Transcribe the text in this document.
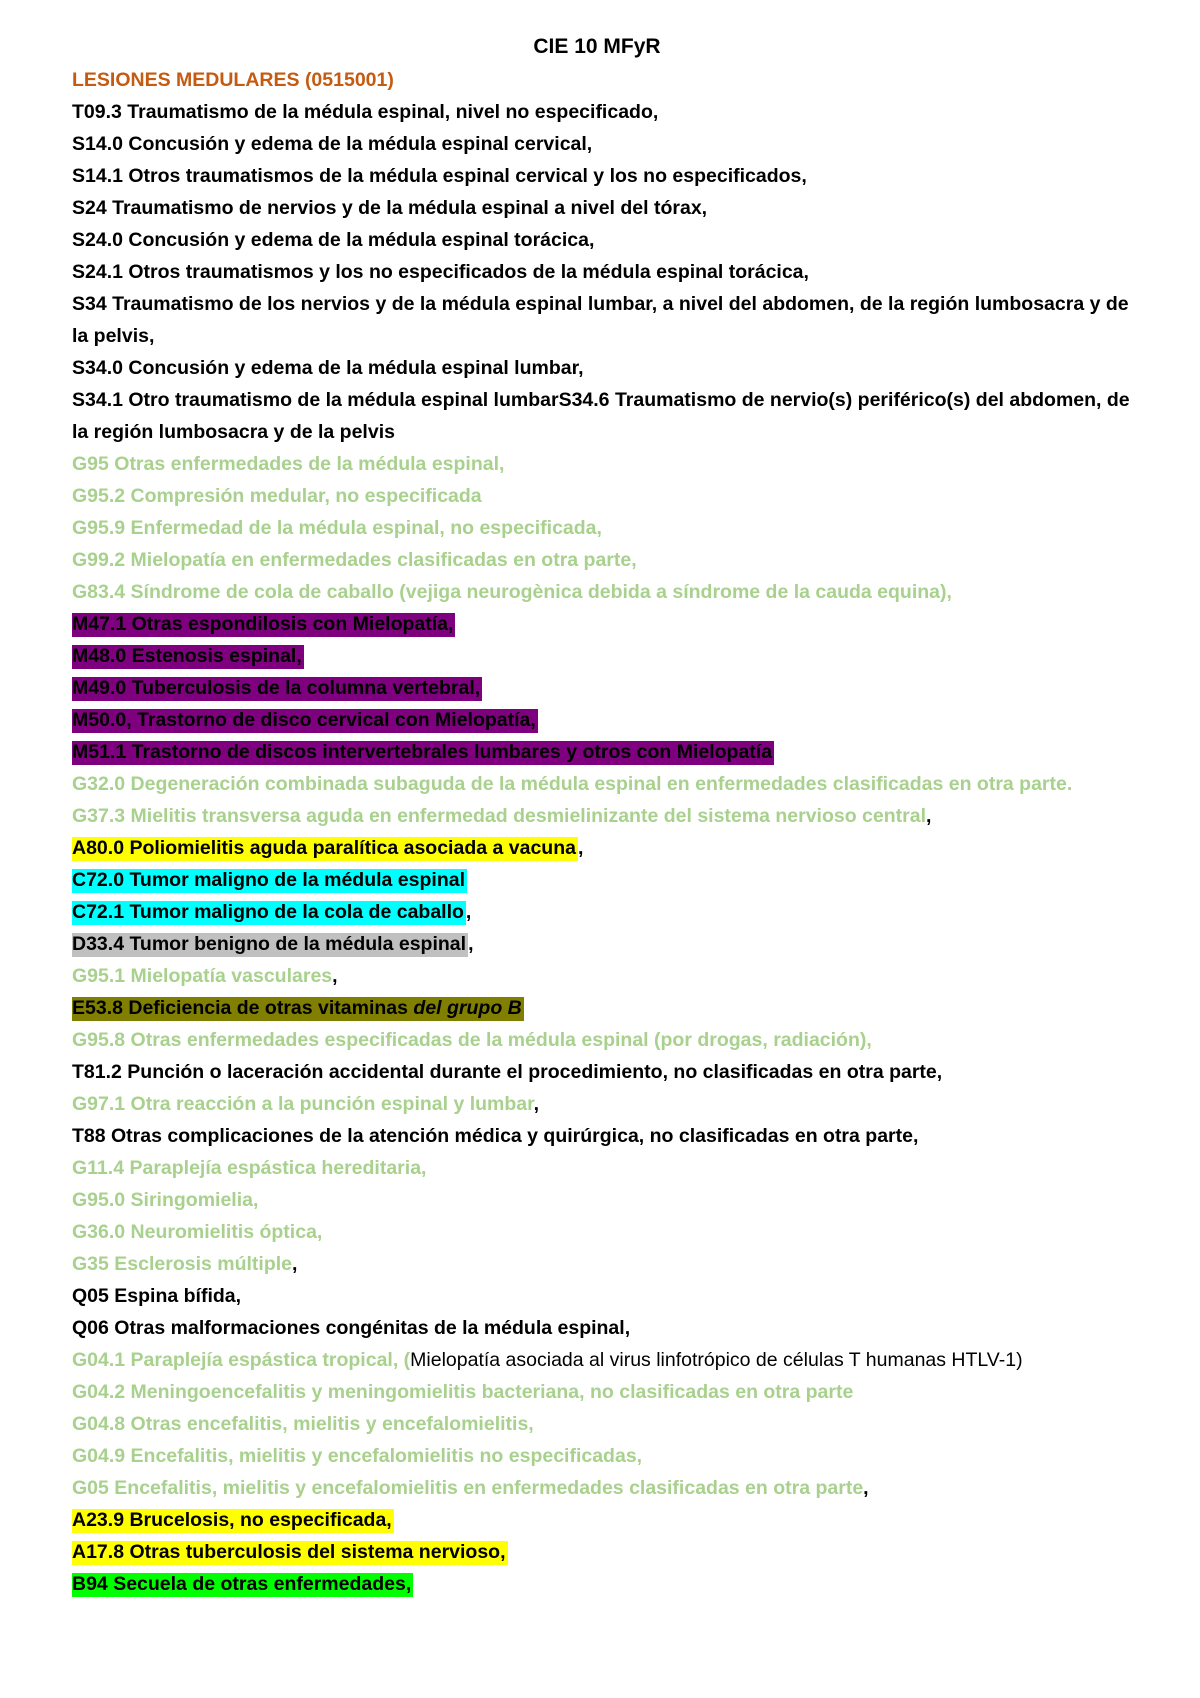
CIE 10 MFyR
LESIONES MEDULARES (0515001)
T09.3 Traumatismo de la médula espinal, nivel no especificado,
S14.0 Concusión y edema de la médula espinal cervical,
S14.1 Otros traumatismos de la médula espinal cervical y los no especificados,
S24 Traumatismo de nervios y de la médula espinal a nivel del tórax,
S24.0 Concusión y edema de la médula espinal torácica,
S24.1 Otros traumatismos y los no especificados de la médula espinal torácica,
S34 Traumatismo de los nervios y de la médula espinal lumbar, a nivel del abdomen, de la región lumbosacra y de la pelvis,
S34.0 Concusión y edema de la médula espinal lumbar,
S34.1 Otro traumatismo de la médula espinal lumbarS34.6 Traumatismo de nervio(s) periférico(s) del abdomen, de la región lumbosacra y de la pelvis
G95 Otras enfermedades de la médula espinal,
G95.2 Compresión medular, no especificada
G95.9 Enfermedad de la médula espinal, no especificada,
G99.2 Mielopatía en enfermedades clasificadas en otra parte,
G83.4 Síndrome de cola de caballo (vejiga neurogènica debida a síndrome de la cauda equina),
M47.1 Otras espondilosis con Mielopatía,
M48.0 Estenosis espinal,
M49.0 Tuberculosis de la columna vertebral,
M50.0, Trastorno de disco cervical con Mielopatía,
M51.1 Trastorno de discos intervertebrales lumbares y otros con Mielopatía
G32.0 Degeneración combinada subaguda de la médula espinal en enfermedades clasificadas en otra parte.
G37.3 Mielitis transversa aguda en enfermedad desmielinizante del sistema nervioso central,
A80.0 Poliomielitis aguda paralítica asociada a vacuna ,
C72.0 Tumor maligno de la médula espinal
C72.1 Tumor maligno de la cola de caballo ,
D33.4 Tumor benigno de la médula espinal ,
G95.1 Mielopatía vasculares,
E53.8 Deficiencia de otras vitaminas del grupo B
G95.8 Otras enfermedades especificadas de la médula espinal (por drogas, radiación),
T81.2 Punción o laceración accidental durante el procedimiento, no clasificadas en otra parte,
G97.1 Otra reacción a la punción espinal y lumbar,
T88 Otras complicaciones de la atención médica y quirúrgica, no clasificadas en otra parte,
G11.4 Paraplejía espástica hereditaria,
G95.0 Siringomielia,
G36.0 Neuromielitis óptica,
G35 Esclerosis múltiple,
Q05 Espina bífida,
Q06 Otras malformaciones congénitas de la médula espinal,
G04.1 Paraplejía espástica tropical, (Mielopatía asociada al virus linfotrópico de células T humanas HTLV-1)
G04.2 Meningoencefalitis y meningomielitis bacteriana, no clasificadas en otra parte
G04.8 Otras encefalitis, mielitis y encefalomielitis,
G04.9 Encefalitis, mielitis y encefalomielitis no especificadas,
G05 Encefalitis, mielitis y encefalomielitis en enfermedades clasificadas en otra parte,
A23.9 Brucelosis, no especificada,
A17.8 Otras tuberculosis del sistema nervioso,
B94 Secuela de otras enfermedades,
